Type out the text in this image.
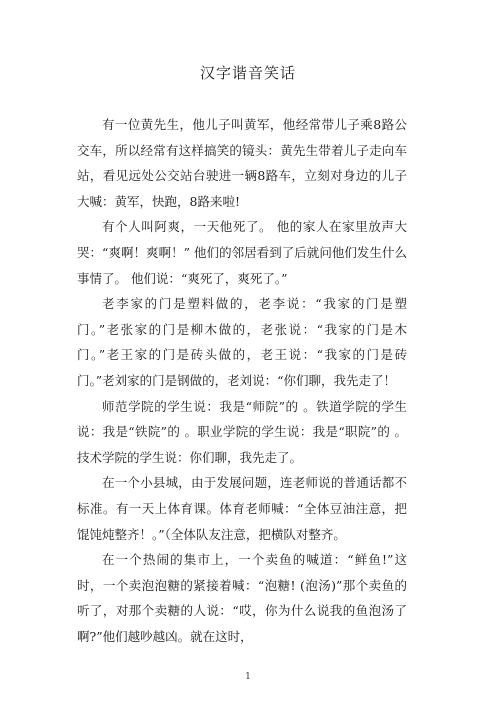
汉字谐音笑话

有一位黄先生，他儿子叫黄军，他经常带儿子乘8路公交车，所以经常有这样搞笑的镜头：黄先生带着儿子走向车站，看见远处公交站台驶进一辆8路车，立刻对身边的儿子大喊：黄军，快跑，8路来啦!

有个人叫阿爽，一天他死了。 他的家人在家里放声大哭：“爽啊！爽啊！” 他们的邻居看到了后就问他们发生什么事情了。 他们说：“爽死了，爽死了。”

老李家的门是塑料做的，老李说：“我家的门是塑门。”老张家的门是柳木做的，老张说：“我家的门是木门。”老王家的门是砖头做的，老王说：“我家的门是砖门。”老刘家的门是钢做的，老刘说：“你们聊，我先走了！

师范学院的学生说：我是“师院”的 。铁道学院的学生说：我是“铁院”的 。职业学院的学生说：我是“职院”的 。技术学院的学生说：你们聊，我先走了。

在一个小县城，由于发展问题，连老师说的普通话都不标准。有一天上体育课。体育老师喊：“全体豆油注意，把馄饨炖整齐！。”（全体队友注意，把横队对整齐。

在一个热闹的集市上，一个卖鱼的喊道：“鲜鱼!”这时，一个卖泡泡糖的紧接着喊：“泡糖! (泡汤)”那个卖鱼的听了，对那个卖糖的人说：“哎，你为什么说我的鱼泡汤了啊?”他们越吵越凶。就在这时，

1
